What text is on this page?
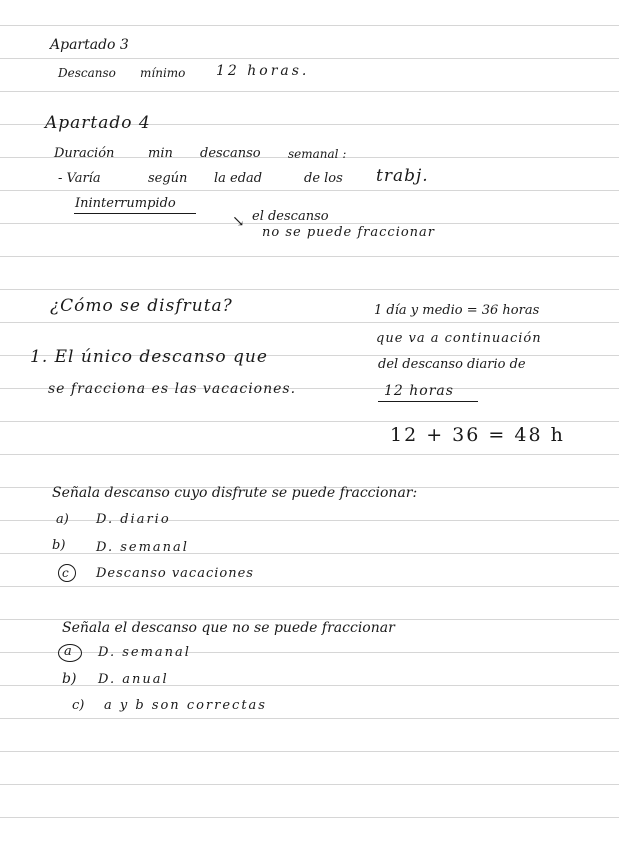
Apartado 3
Descanso mínimo 12 horas.
Apartado 4
Duración	min descanso semanal :
- Varía	según la edad	de los trabj.
Ininterrumpido
↘ el descanso
no se puede fraccionar
¿Cómo se disfruta?
1. El único descanso que
se fracciona es las vacaciones.
1 día y medio = 36 horas
que va a continuación
del descanso diario de
12 horas
12 + 36 = 48 h
Señala descanso cuyo disfrute se puede fraccionar:
a) D. diario
b) D. semanal
c Descanso vacaciones
Señala el descanso que no se puede fraccionar
a D. semanal
b) D. anual
c) a y b son correctas
